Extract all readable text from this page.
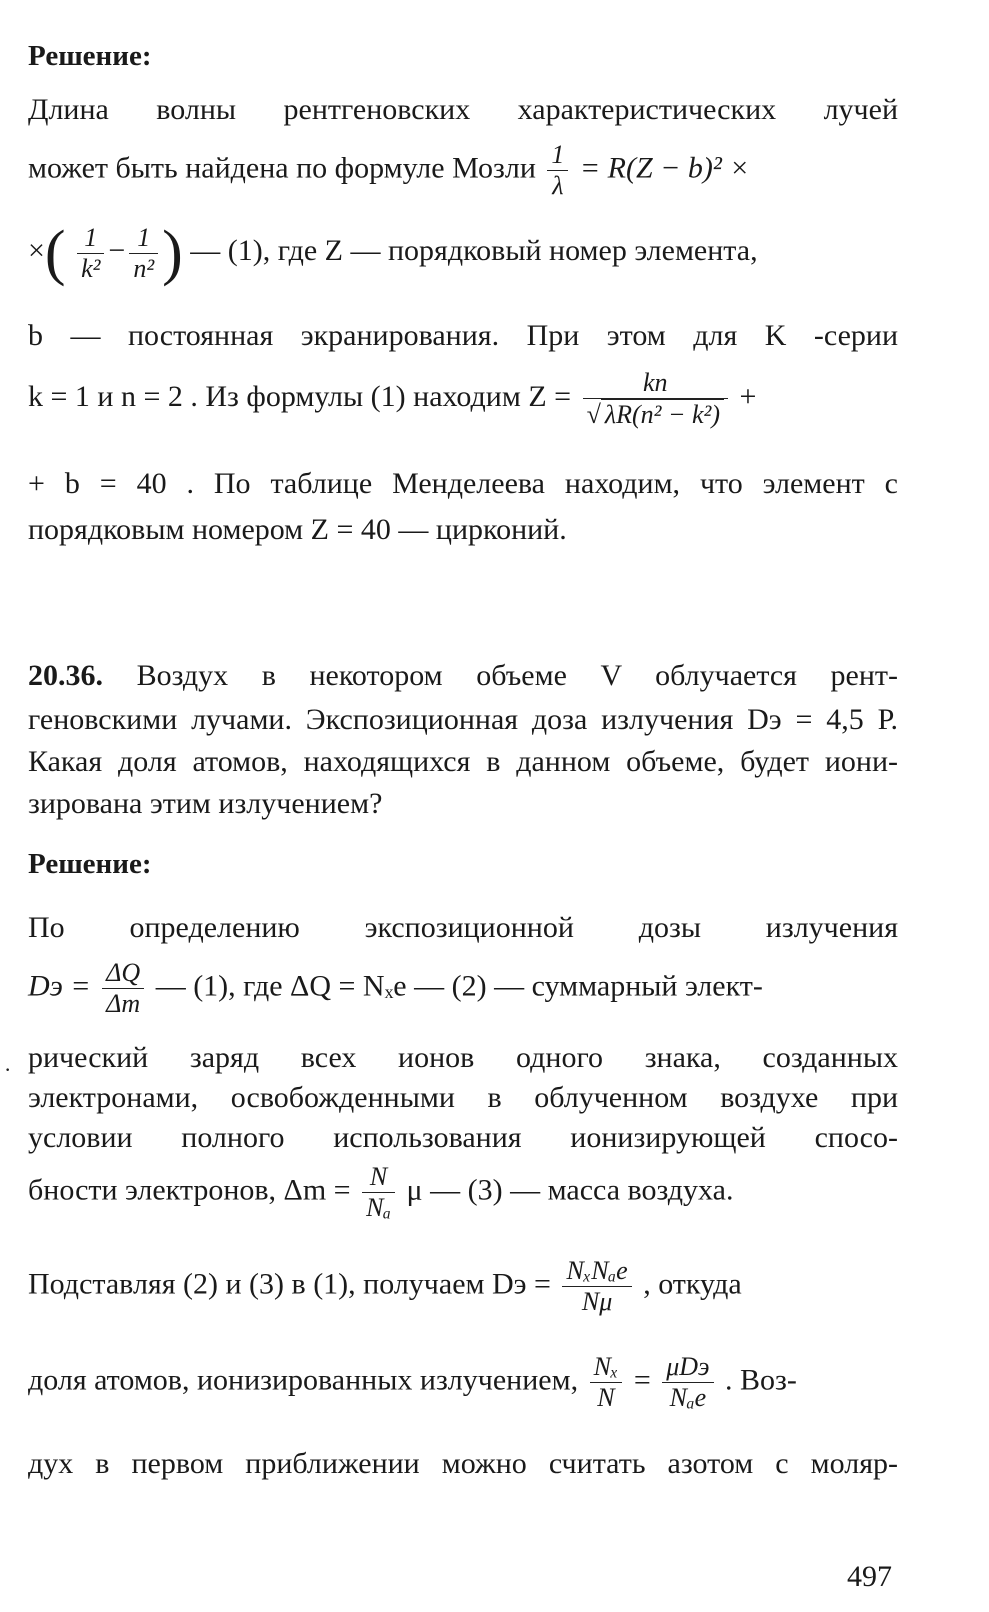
Решение:
Длина волны рентгеновских характеристических лучей
может быть найдена по формуле Мозли $\frac{1}{\lambda} = R(Z - b)^2$ ×
×( $\frac{1}{\text{k²}} - \frac{1}{\text{n²}}$ ) — (1), где Z — порядковый номер элемента,
b — постоянная экранирования. При этом для K -серии
k = 1 и n = 2 . Из формулы (1) находим $Z = \frac{kn}{\text{√ λR(n² − k²)}}$ +
+ b = 40 . По таблице Менделеева находим, что элемент с
порядковым номером Z = 40 — цирконий.
20.36. Воздух в некотором объеме V облучается рент-
геновскими лучами. Экспозиционная доза излучения Dэ = 4,5 Р.
Какая доля атомов, находящихся в данном объеме, будет иони-
зирована этим излучением?
Решение:
По определению экспозиционной дозы излучения
Dэ = $\frac{\Delta Q}{\Delta m}$ — (1), где ΔQ = Nₓe — (2) — суммарный элект-
· рический заряд всех ионов одного знака, созданных
электронами, освобожденными в облученном воздухе при
условии полного использования ионизирующей спосо-
бности электронов, $\Delta m = \frac{N}{\text{Nₐ}}$ μ — (3) — масса воздуха.
Подставляя (2) и (3) в (1), получаем Dэ = $\frac{\text{NₓNₐe}}{N\mu}$ , откуда
доля атомов, ионизированных излучением, $\frac{\text{Nₓ}}{N} = \frac{\text{μDэ}}{\text{Nₐe}}$ . Воз-
дух в первом приближении можно считать азотом с моляр-
497
